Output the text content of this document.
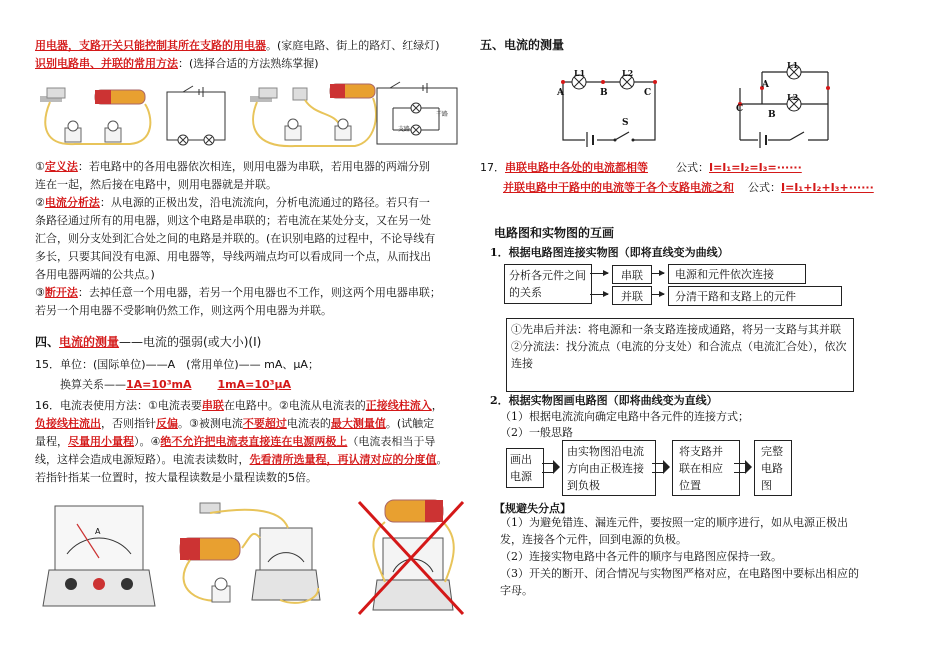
用电器，支路开关只能控制其所在支路的用电器。(家庭电路、街上的路灯、红绿灯)
识别电路串、并联的常用方法：(选择合适的方法熟练掌握)
干路
支路
①定义法：若电路中的各用电器依次相连，则用电器为串联，若用电器的两端分别
连在一起，然后接在电路中，则用电器就是并联。
②电流分析法：从电源的正极出发，沿电流流向，分析电流通过的路径。若只有一
条路径通过所有的用电器，则这个电路是串联的；若电流在某处分支，又在另一处
汇合，则分支处到汇合处之间的电路是并联的。(在识别电路的过程中，不论导线有
多长，只要其间没有电源、用电器等，导线两端点均可以看成同一个点，从而找出
各用电器两端的公共点。)
③断开法：去掉任意一个用电器，若另一个用电器也不工作，则这两个用电器串联；
若另一个用电器不受影响仍然工作，则这两个用电器为并联。
四、电流的测量——电流的强弱(或大小)(I)
15．单位：(国际单位)——A　(常用单位)—— mA、μA；
换算关系——1A=10³mA 1mA=10³μA
16．电流表使用方法：①电流表要串联在电路中。②电流从电流表的正接线柱流入，
负接线柱流出，否则指针反偏。③被测电流不要超过电流表的最大测量值。(试触定
量程，尽量用小量程）。④绝不允许把电流表直接连在电源两极上（电流表相当于导
线，这样会造成电源短路）。电流表读数时，先看清所选量程，再认清对应的分度值。
若指针指某一位置时，按大量程读数是小量程读数的5倍。
A
五、电流的测量
L1	L2
A	B	C
S
L1
L2
A
B
C
17．串联电路中各处的电流都相等	公式：I=I₁=I₂=I₃=······
并联电路中干路中的电流等于各个支路电流之和 公式：I=I₁+I₂+I₃+······
电路图和实物图的互画
1．根据电路图连接实物图（即将直线变为曲线）
分析各元件之间的关系
串联
并联
电源和元件依次连接
分清干路和支路上的元件
①先串后并法：将电源和一条支路连接成通路，将另一支路与其并联
②分流法：找分流点（电流的分支处）和合流点（电流汇合处），依次连接
2．根据实物图画电路图（即将曲线变为直线）
（1）根据电流流向确定电路中各元件的连接方式；
（2）一般思路
画出电源
由实物图沿电流方向由正极连接到负极
将支路并联在相应位置
完整电路图
【规避失分点】
（1）为避免错连、漏连元件，要按照一定的顺序进行，如从电源正极出发，连接各个元件，回到电源的负极。
（2）连接实物电路中各元件的顺序与电路图应保持一致。
（3）开关的断开、闭合情况与实物图严格对应，在电路图中要标出相应的字母。
